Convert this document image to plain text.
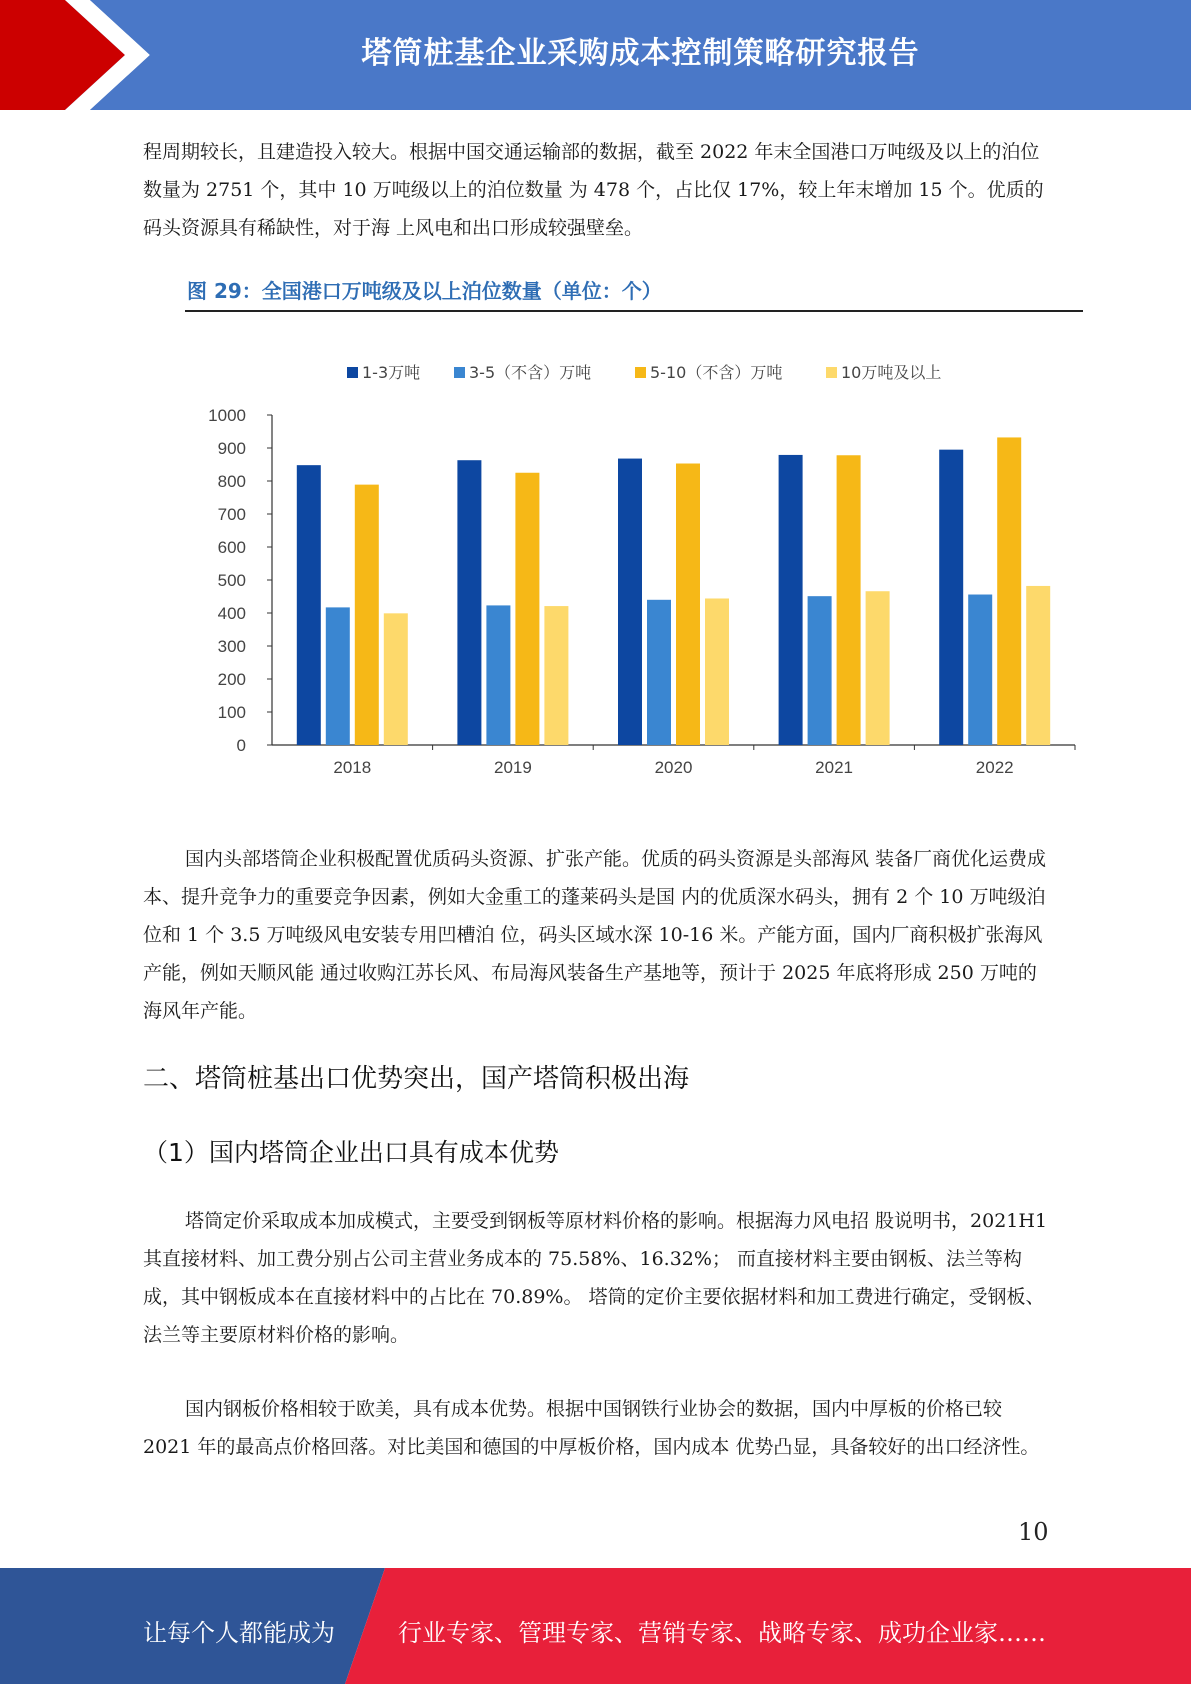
塔筒桩基企业采购成本控制策略研究报告

程周期较长，且建造投入较大。根据中国交通运输部的数据，截至 2022 年末全国港口万吨级及以上的泊位数量为 2751 个，其中 10 万吨级以上的泊位数量 为 478 个，占比仅 17%，较上年末增加 15 个。优质的码头资源具有稀缺性，对于海 上风电和出口形成较强壁垒。

图 29：全国港口万吨级及以上泊位数量（单位：个）
1-3万吨	3-5（不含）万吨	5-10（不含）万吨	10万吨及以上
0
100
200
300
400
500
600
700
800
900
1000
2018	2019	2020	2021	2022

国内头部塔筒企业积极配置优质码头资源、扩张产能。优质的码头资源是头部海风 装备厂商优化运费成本、提升竞争力的重要竞争因素，例如大金重工的蓬莱码头是国 内的优质深水码头，拥有 2 个 10 万吨级泊位和 1 个 3.5 万吨级风电安装专用凹槽泊 位，码头区域水深 10-16 米。产能方面，国内厂商积极扩张海风产能，例如天顺风能 通过收购江苏长风、布局海风装备生产基地等，预计于 2025 年底将形成 250 万吨的 海风年产能。

二、塔筒桩基出口优势突出，国产塔筒积极出海
（1）国内塔筒企业出口具有成本优势

塔筒定价采取成本加成模式，主要受到钢板等原材料价格的影响。根据海力风电招 股说明书，2021H1 其直接材料、加工费分别占公司主营业务成本的 75.58%、16.32%； 而直接材料主要由钢板、法兰等构成，其中钢板成本在直接材料中的占比在 70.89%。 塔筒的定价主要依据材料和加工费进行确定，受钢板、法兰等主要原材料价格的影响。

国内钢板价格相较于欧美，具有成本优势。根据中国钢铁行业协会的数据，国内中厚板的价格已较 2021 年的最高点价格回落。对比美国和德国的中厚板价格，国内成本 优势凸显，具备较好的出口经济性。

10
让每个人都能成为	行业专家、管理专家、营销专家、战略专家、成功企业家……
